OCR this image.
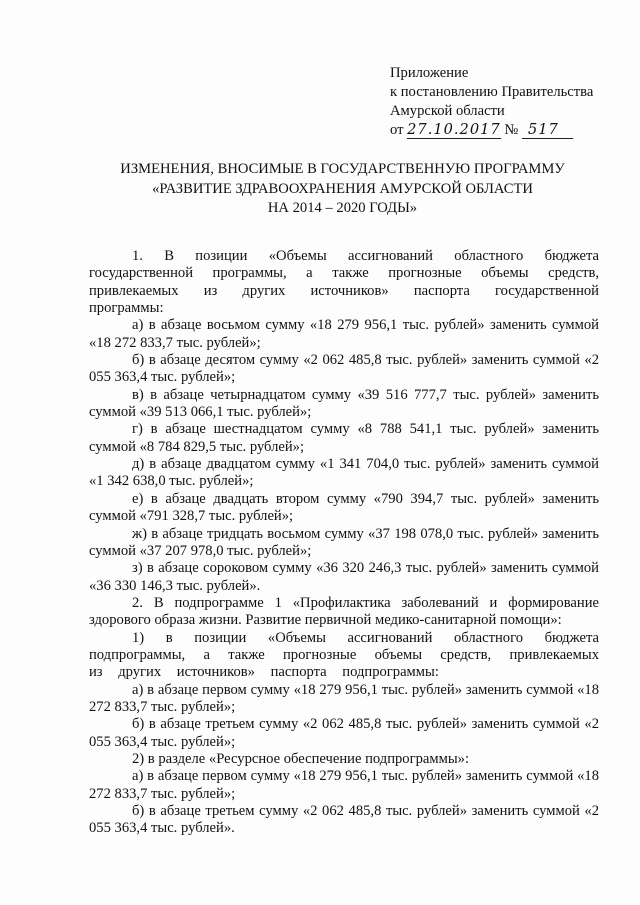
Приложение
к постановлению Правительства
Амурской области
от 27.10.2017 № 517
ИЗМЕНЕНИЯ, ВНОСИМЫЕ В ГОСУДАРСТВЕННУЮ ПРОГРАММУ
«РАЗВИТИЕ ЗДРАВООХРАНЕНИЯ АМУРСКОЙ ОБЛАСТИ
НА 2014 – 2020 ГОДЫ»
1. В позиции «Объемы ассигнований областного бюджета государственной программы, а также прогнозные объемы средств, привлекаемых из других источников» паспорта государственной программы:
а) в абзаце восьмом сумму «18 279 956,1 тыс. рублей» заменить суммой «18 272 833,7 тыс. рублей»;
б) в абзаце десятом сумму «2 062 485,8 тыс. рублей» заменить суммой «2 055 363,4 тыс. рублей»;
в) в абзаце четырнадцатом сумму «39 516 777,7 тыс. рублей» заменить суммой «39 513 066,1 тыс. рублей»;
г) в абзаце шестнадцатом сумму «8 788 541,1 тыс. рублей» заменить суммой «8 784 829,5 тыс. рублей»;
д) в абзаце двадцатом сумму «1 341 704,0 тыс. рублей» заменить суммой «1 342 638,0 тыс. рублей»;
е) в абзаце двадцать втором сумму «790 394,7 тыс. рублей» заменить суммой «791 328,7 тыс. рублей»;
ж) в абзаце тридцать восьмом сумму «37 198 078,0 тыс. рублей» заменить суммой «37 207 978,0 тыс. рублей»;
з) в абзаце сороковом сумму «36 320 246,3 тыс. рублей» заменить суммой «36 330 146,3 тыс. рублей».
2. В подпрограмме 1 «Профилактика заболеваний и формирование здорового образа жизни. Развитие первичной медико-санитарной помощи»:
1) в позиции «Объемы ассигнований областного бюджета подпрограммы, а также прогнозные объемы средств, привлекаемых из других источников» паспорта подпрограммы:
а) в абзаце первом сумму «18 279 956,1 тыс. рублей» заменить суммой «18 272 833,7 тыс. рублей»;
б) в абзаце третьем сумму «2 062 485,8 тыс. рублей» заменить суммой «2 055 363,4 тыс. рублей»;
2) в разделе «Ресурсное обеспечение подпрограммы»:
а) в абзаце первом сумму «18 279 956,1 тыс. рублей» заменить суммой «18 272 833,7 тыс. рублей»;
б) в абзаце третьем сумму «2 062 485,8 тыс. рублей» заменить суммой «2 055 363,4 тыс. рублей».
